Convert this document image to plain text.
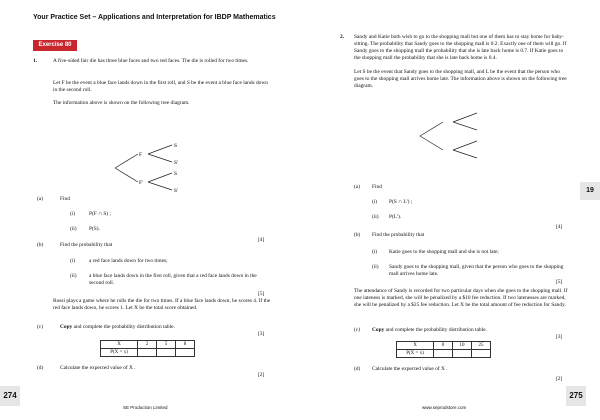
Your Practice Set – Applications and Interpretation for IBDP Mathematics
Exercise 80
1.	A five-sided fair die has three blue faces and two red faces. The die is rolled for two times.
Let F be the event a blue face lands down in the first roll, and S be the event a blue face lands down in the second roll.
The information above is shown on the following tree diagram.
S
S'
S
S'
F
F'
(a)	Find
(i)	P(F ∩ S) ;
(ii) P(S).
[4]
(b)	Find the probability that
(i)	a red face lands down for two times;
(ii) a blue face lands down in the first roll, given that a red face lands down in the second roll.
[5]
Rossi plays a game where he rolls the die for two times. If a blue face lands down, he scores 4. If the red face lands down, he scores 1. Let X be the total score obtained.
(c)	Copy and complete the probability distribution table.
[3]
X	2	5	8
P(X = x)			
(d)	Calculate the expected value of X .
[2]
274
SE Production Limited
2. Sandy and Katie both wish to go to the shopping mall but one of them has to stay home for baby-sitting. The probability that Sandy goes to the shopping mall is 0.2. Exactly one of them will go. If Sandy goes to the shopping mall the probability that she is late back home is 0.7. If Katie goes to the shopping mall the probability that she is late back home is 0.4.
Let S be the event that Sandy goes to the shopping mall, and L be the event that the person who goes to the shopping mall arrives home late. The information above is shown on the following tree diagram.
(a) Find
(i) P(S ∩ L') ;
(ii) P(L').
[4]
(b) Find the probability that
(i) Katie goes to the shopping mall and she is not late;
(ii) Sandy goes to the shopping mall, given that the person who goes to the shopping mall arrives home late.
[5]
The attendance of Sandy is recorded for two particular days when she goes to the shopping mall. If one lateness is marked, she will be penalized by a $10 fee reduction. If two latenesses are marked, she will be penalized by a $25 fee reduction. Let X be the total amount of fee reduction for Sandy.
(c) Copy and complete the probability distribution table.
[3]
X	0	10	25
P(X = x)			
(d) Calculate the expected value of X .
[2]
275
www.seprodstore.com
19
